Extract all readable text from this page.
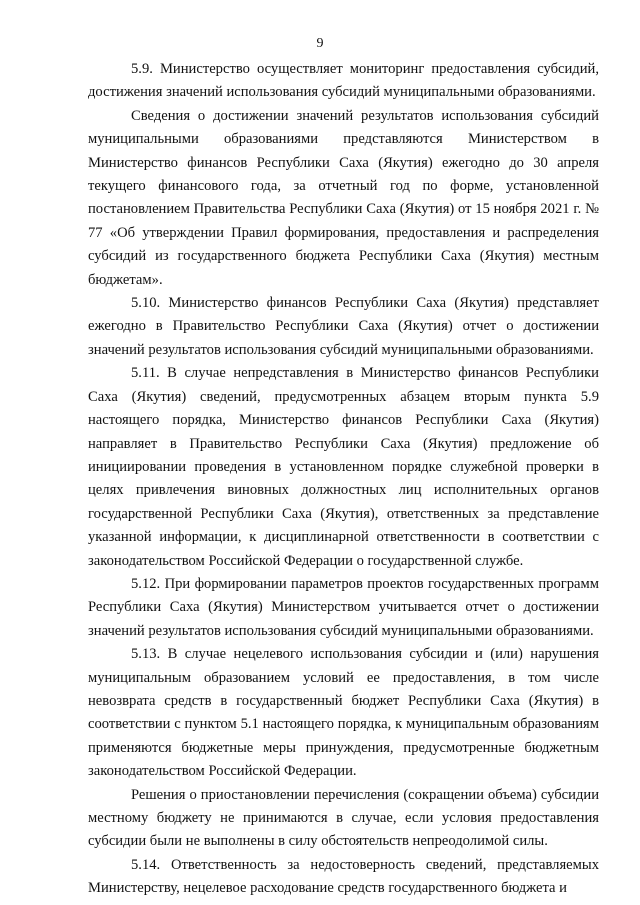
9

5.9. Министерство осуществляет мониторинг предоставления субсидий, достижения значений использования субсидий муниципальными образованиями.

Сведения о достижении значений результатов использования субсидий муниципальными образованиями представляются Министерством в Министерство финансов Республики Саха (Якутия) ежегодно до 30 апреля текущего финансового года, за отчетный год по форме, установленной постановлением Правительства Республики Саха (Якутия) от 15 ноября 2021 г. № 77 «Об утверждении Правил формирования, предоставления и распределения субсидий из государственного бюджета Республики Саха (Якутия) местным бюджетам».

5.10. Министерство финансов Республики Саха (Якутия) представляет ежегодно в Правительство Республики Саха (Якутия) отчет о достижении значений результатов использования субсидий муниципальными образованиями.

5.11. В случае непредставления в Министерство финансов Республики Саха (Якутия) сведений, предусмотренных абзацем вторым пункта 5.9 настоящего порядка, Министерство финансов Республики Саха (Якутия) направляет в Правительство Республики Саха (Якутия) предложение об инициировании проведения в установленном порядке служебной проверки в целях привлечения виновных должностных лиц исполнительных органов государственной Республики Саха (Якутия), ответственных за представление указанной информации, к дисциплинарной ответственности в соответствии с законодательством Российской Федерации о государственной службе.

5.12. При формировании параметров проектов государственных программ Республики Саха (Якутия) Министерством учитывается отчет о достижении значений результатов использования субсидий муниципальными образованиями.

5.13. В случае нецелевого использования субсидии и (или) нарушения муниципальным образованием условий ее предоставления, в том числе невозврата средств в государственный бюджет Республики Саха (Якутия) в соответствии с пунктом 5.1 настоящего порядка, к муниципальным образованиям применяются бюджетные меры принуждения, предусмотренные бюджетным законодательством Российской Федерации.

Решения о приостановлении перечисления (сокращении объема) субсидии местному бюджету не принимаются в случае, если условия предоставления субсидии были не выполнены в силу обстоятельств непреодолимой силы.

5.14. Ответственность за недостоверность сведений, представляемых Министерству, нецелевое расходование средств государственного бюджета и
